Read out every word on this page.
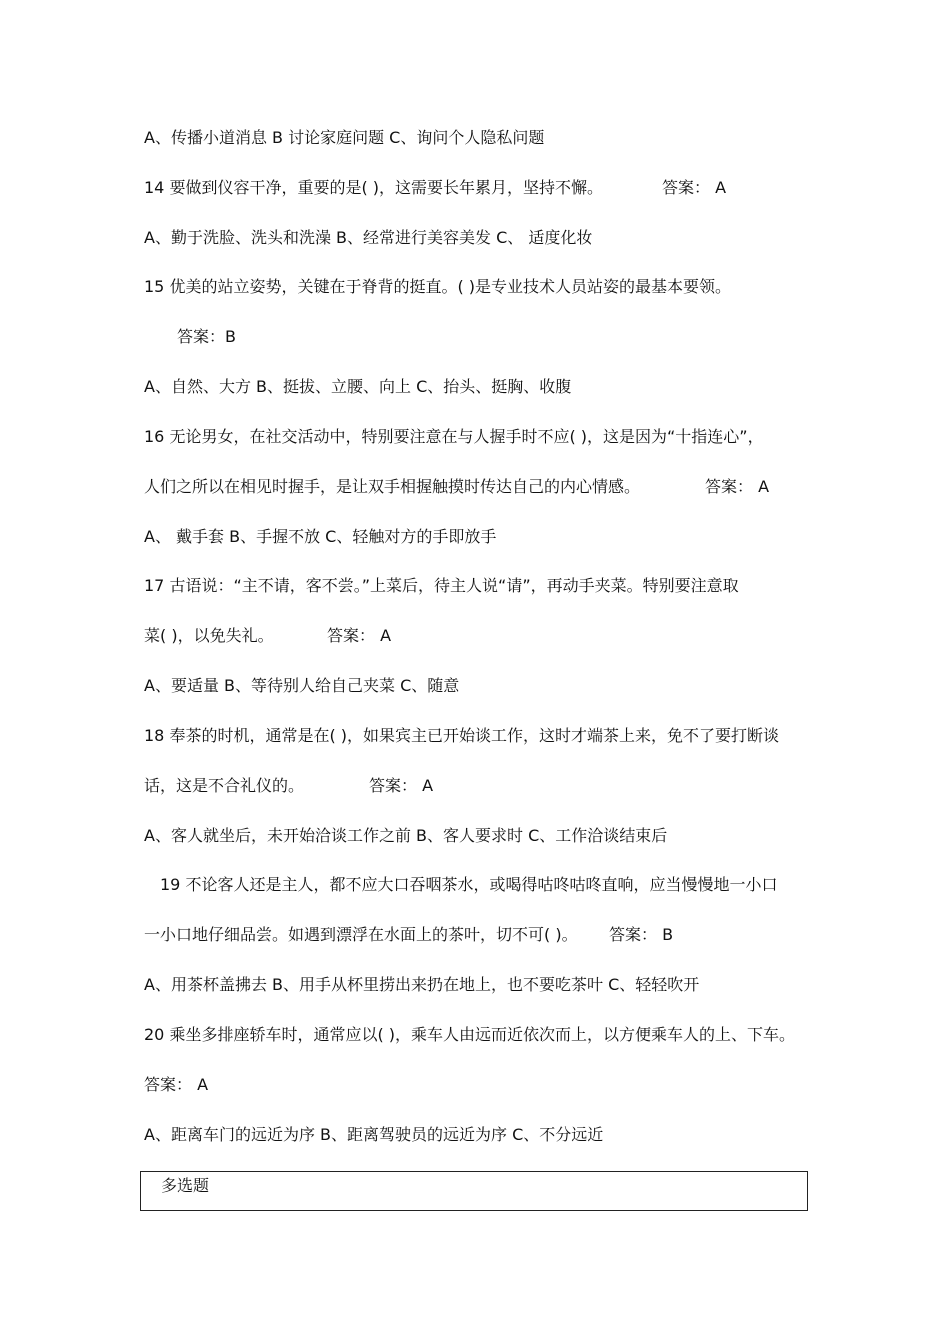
A、传播小道消息 B 讨论家庭问题 C、询问个人隐私问题
14 要做到仪容干净，重要的是( )，这需要长年累月，坚持不懈。	答案： A
A、勤于洗脸、洗头和洗澡 B、经常进行美容美发 C、 适度化妆
15 优美的站立姿势，关键在于脊背的挺直。( )是专业技术人员站姿的最基本要领。
答案：B
A、自然、大方 B、挺拔、立腰、向上 C、抬头、挺胸、收腹
16 无论男女，在社交活动中，特别要注意在与人握手时不应( )，这是因为“十指连心”，
人们之所以在相见时握手，是让双手相握触摸时传达自己的内心情感。	答案： A
A、 戴手套 B、手握不放 C、轻触对方的手即放手
17 古语说：“主不请，客不尝。”上菜后，待主人说“请”，再动手夹菜。特别要注意取
菜( )，以免失礼。	答案： A
A、要适量 B、等待别人给自己夹菜 C、随意
18 奉茶的时机，通常是在( )，如果宾主已开始谈工作，这时才端茶上来，免不了要打断谈
话，这是不合礼仪的。	答案： A
A、客人就坐后，未开始洽谈工作之前 B、客人要求时 C、工作洽谈结束后
19 不论客人还是主人，都不应大口吞咽茶水，或喝得咕咚咕咚直响，应当慢慢地一小口
一小口地仔细品尝。如遇到漂浮在水面上的茶叶，切不可( )。 答案： B
A、用茶杯盖拂去 B、用手从杯里捞出来扔在地上，也不要吃茶叶 C、轻轻吹开
20 乘坐多排座轿车时，通常应以( )，乘车人由远而近依次而上，以方便乘车人的上、下车。
答案： A
A、距离车门的远近为序 B、距离驾驶员的远近为序 C、不分远近
多选题
